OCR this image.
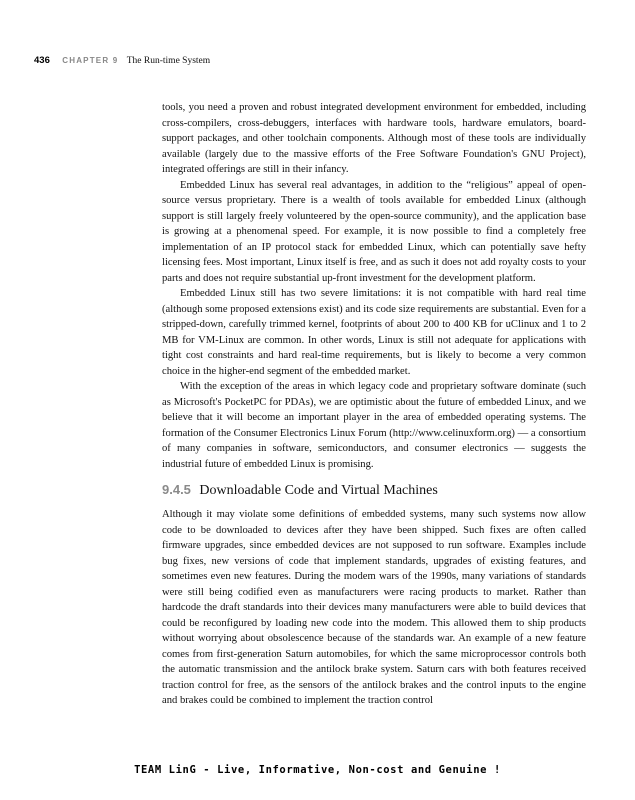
436 CHAPTER 9 The Run-time System

tools, you need a proven and robust integrated development environment for embedded, including cross-compilers, cross-debuggers, interfaces with hardware tools, hardware emulators, board-support packages, and other toolchain components. Although most of these tools are individually available (largely due to the massive efforts of the Free Software Foundation's GNU Project), integrated offerings are still in their infancy.

Embedded Linux has several real advantages, in addition to the “religious” appeal of open-source versus proprietary. There is a wealth of tools available for embedded Linux (although support is still largely freely volunteered by the open-source community), and the application base is growing at a phenomenal speed. For example, it is now possible to find a completely free implementation of an IP protocol stack for embedded Linux, which can potentially save hefty licensing fees. Most important, Linux itself is free, and as such it does not add royalty costs to your parts and does not require substantial up-front investment for the development platform.

Embedded Linux still has two severe limitations: it is not compatible with hard real time (although some proposed extensions exist) and its code size requirements are substantial. Even for a stripped-down, carefully trimmed kernel, footprints of about 200 to 400 KB for uClinux and 1 to 2 MB for VM-Linux are common. In other words, Linux is still not adequate for applications with tight cost constraints and hard real-time requirements, but is likely to become a very common choice in the higher-end segment of the embedded market.

With the exception of the areas in which legacy code and proprietary software dominate (such as Microsoft's PocketPC for PDAs), we are optimistic about the future of embedded Linux, and we believe that it will become an important player in the area of embedded operating systems. The formation of the Consumer Electronics Linux Forum (http://www.celinuxform.org) — a consortium of many companies in software, semiconductors, and consumer electronics — suggests the industrial future of embedded Linux is promising.

9.4.5 Downloadable Code and Virtual Machines

Although it may violate some definitions of embedded systems, many such systems now allow code to be downloaded to devices after they have been shipped. Such fixes are often called firmware upgrades, since embedded devices are not supposed to run software. Examples include bug fixes, new versions of code that implement standards, upgrades of existing features, and sometimes even new features. During the modem wars of the 1990s, many variations of standards were still being codified even as manufacturers were racing products to market. Rather than hardcode the draft standards into their devices many manufacturers were able to build devices that could be reconfigured by loading new code into the modem. This allowed them to ship products without worrying about obsolescence because of the standards war. An example of a new feature comes from first-generation Saturn automobiles, for which the same microprocessor controls both the automatic transmission and the antilock brake system. Saturn cars with both features received traction control for free, as the sensors of the antilock brakes and the control inputs to the engine and brakes could be combined to implement the traction control

TEAM LinG - Live, Informative, Non-cost and Genuine !
